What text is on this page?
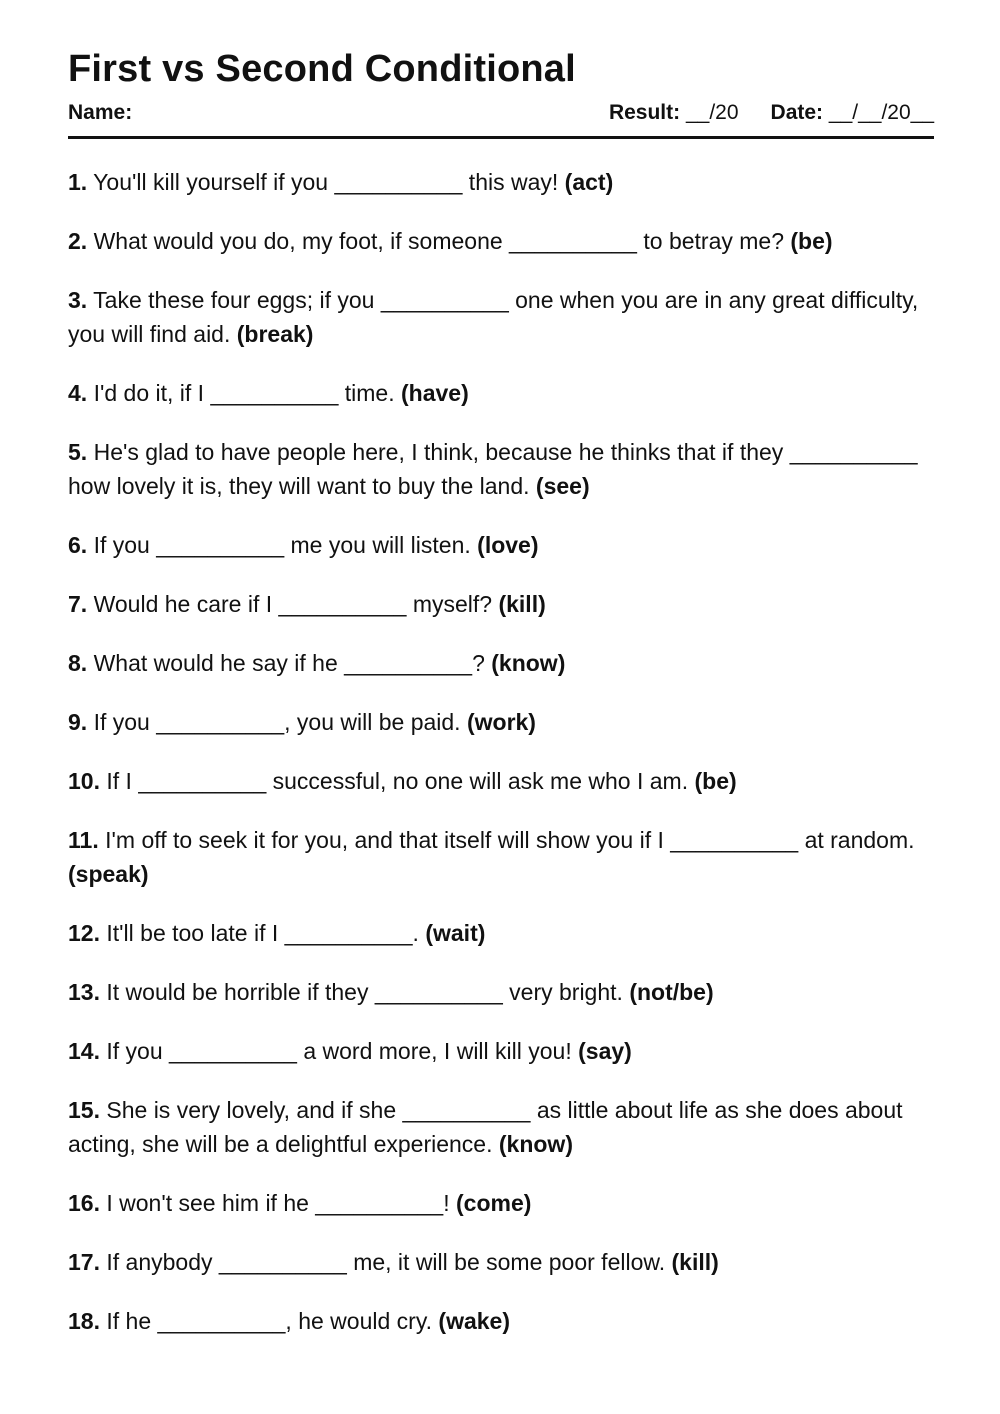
First vs Second Conditional
Name:	Result: __/20 Date: __/__/20__

1. You'll kill yourself if you __________ this way! (act)

2. What would you do, my foot, if someone __________ to betray me? (be)

3. Take these four eggs; if you __________ one when you are in any great difficulty, you will find aid. (break)

4. I'd do it, if I __________ time. (have)

5. He's glad to have people here, I think, because he thinks that if they __________ how lovely it is, they will want to buy the land. (see)

6. If you __________ me you will listen. (love)

7. Would he care if I __________ myself? (kill)

8. What would he say if he __________? (know)

9. If you __________, you will be paid. (work)

10. If I __________ successful, no one will ask me who I am. (be)

11. I'm off to seek it for you, and that itself will show you if I __________ at random. (speak)

12. It'll be too late if I __________. (wait)

13. It would be horrible if they __________ very bright. (not/be)

14. If you __________ a word more, I will kill you! (say)

15. She is very lovely, and if she __________ as little about life as she does about acting, she will be a delightful experience. (know)

16. I won't see him if he __________! (come)

17. If anybody __________ me, it will be some poor fellow. (kill)

18. If he __________, he would cry. (wake)
